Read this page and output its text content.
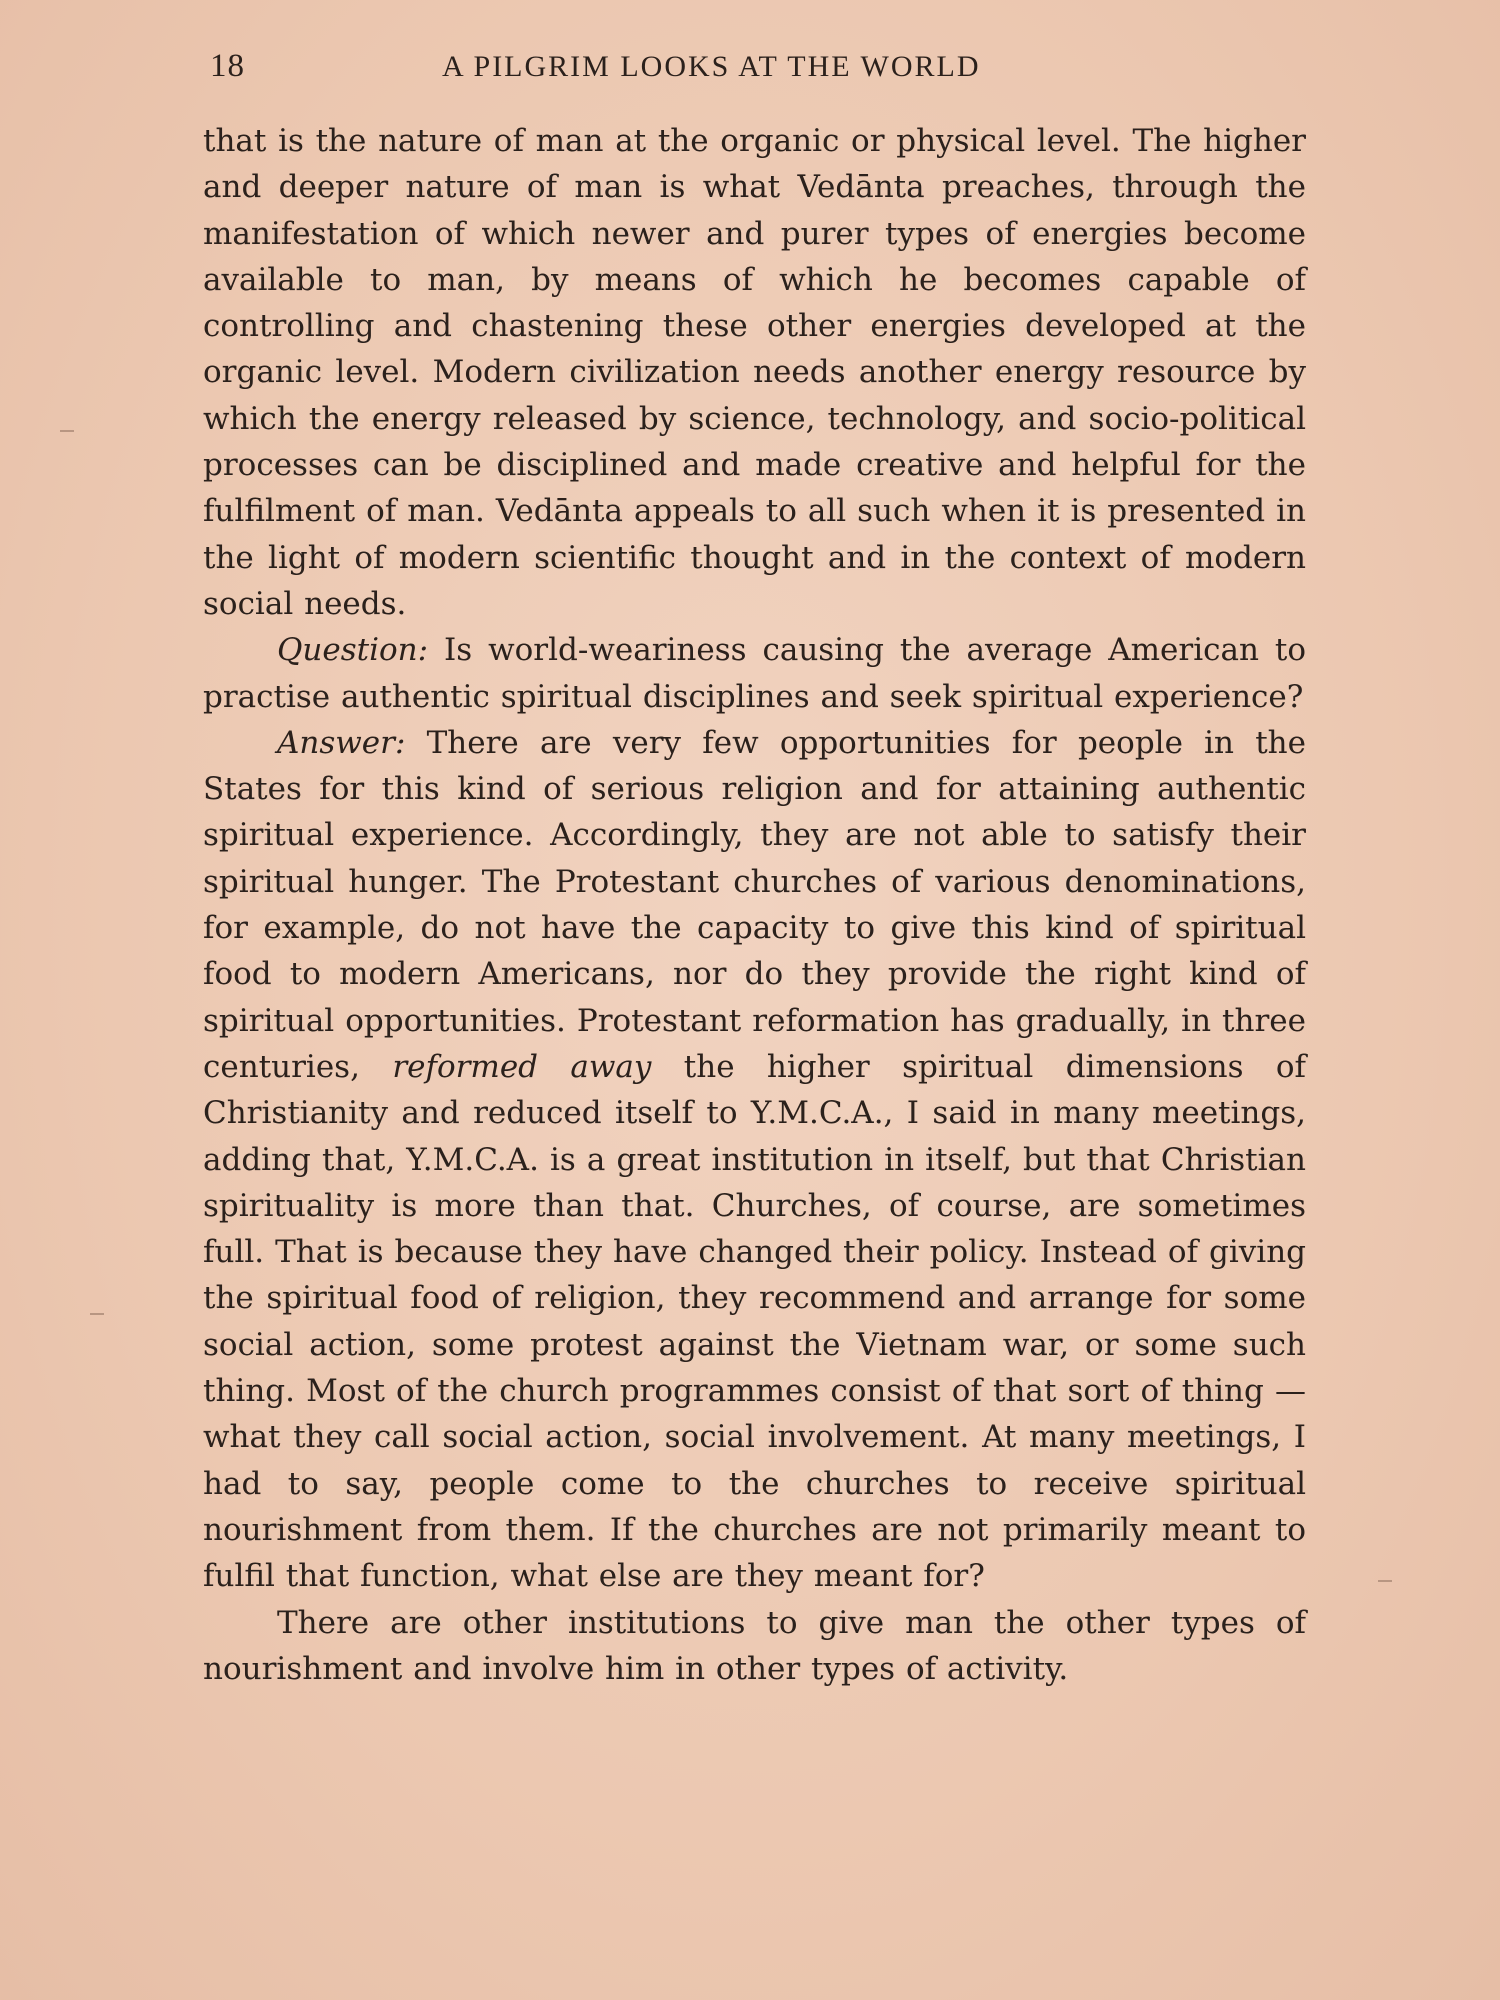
18	A PILGRIM LOOKS AT THE WORLD

that is the nature of man at the organic or physical level. The higher and deeper nature of man is what Vedānta preaches, through the manifestation of which newer and purer types of energies become available to man, by means of which he becomes capable of controlling and chastening these other energies developed at the organic level. Modern civilization needs another energy resource by which the energy released by science, technology, and socio-political processes can be disciplined and made creative and helpful for the fulfilment of man. Vedānta appeals to all such when it is presented in the light of modern scientific thought and in the context of modern social needs.

Question: Is world-weariness causing the average American to practise authentic spiritual disciplines and seek spiritual experience?

Answer: There are very few opportunities for people in the States for this kind of serious religion and for attaining authentic spiritual experience. Accordingly, they are not able to satisfy their spiritual hunger. The Protestant churches of various denominations, for example, do not have the capacity to give this kind of spiritual food to modern Americans, nor do they provide the right kind of spiritual opportunities. Protestant reformation has gradually, in three centuries, reformed away the higher spiritual dimensions of Christianity and reduced itself to Y.M.C.A., I said in many meetings, adding that, Y.M.C.A. is a great institution in itself, but that Christian spirituality is more than that. Churches, of course, are sometimes full. That is because they have changed their policy. Instead of giving the spiritual food of religion, they recommend and arrange for some social action, some protest against the Vietnam war, or some such thing. Most of the church programmes consist of that sort of thing — what they call social action, social involvement. At many meetings, I had to say, people come to the churches to receive spiritual nourishment from them. If the churches are not primarily meant to fulfil that function, what else are they meant for?

There are other institutions to give man the other types of nourishment and involve him in other types of activity.
